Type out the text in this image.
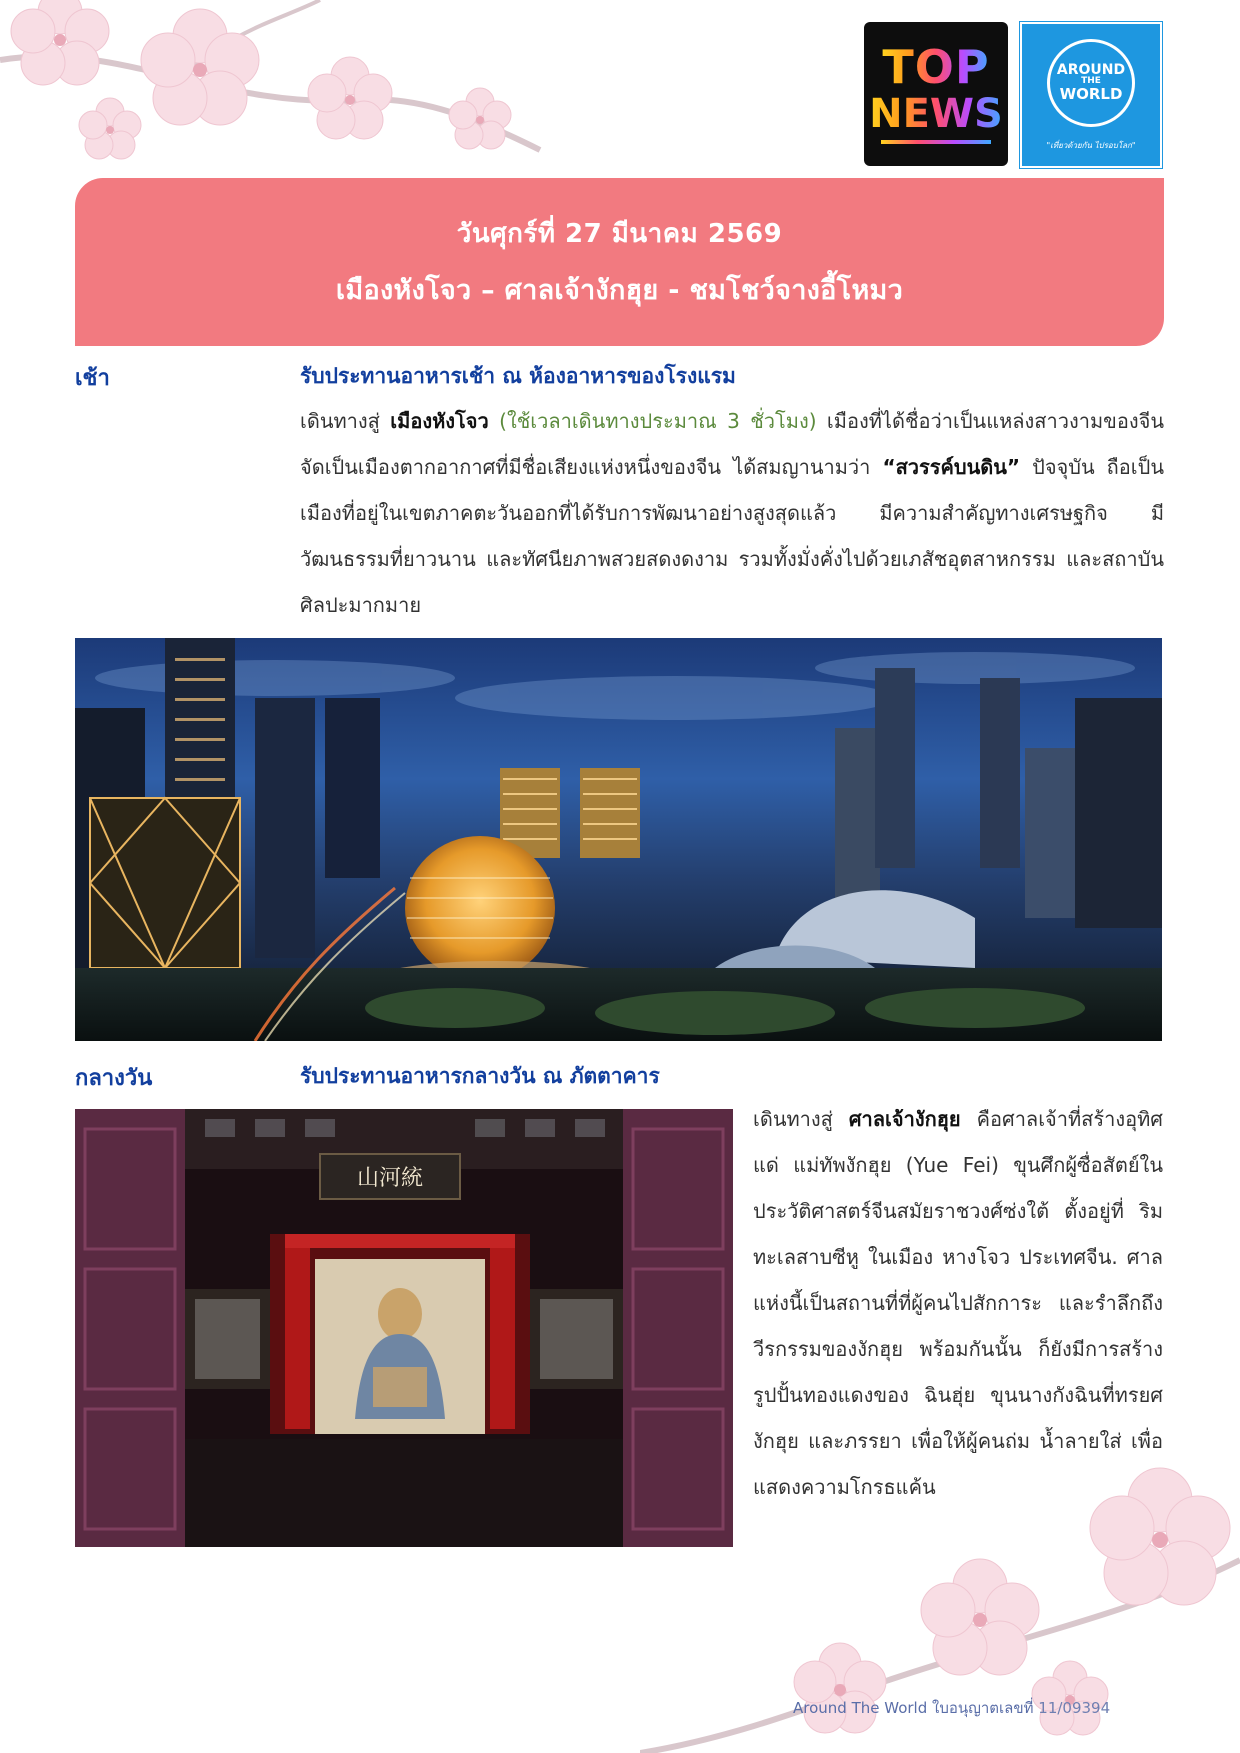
TOP
NEWS
AROUND
THE
WORLD
"เที่ยวด้วยกัน ไปรอบโลก"
วันศุกร์ที่ 27 มีนาคม 2569
เมืองหังโจว – ศาลเจ้างักฮุย - ชมโชว์จางอี้โหมว
เช้า	รับประทานอาหารเช้า ณ ห้องอาหารของโรงแรม
เดินทางสู่ เมืองหังโจว (ใช้เวลาเดินทางประมาณ 3 ชั่วโมง) เมืองที่ได้ชื่อว่าเป็นแหล่งสาวงามของจีน จัดเป็นเมืองตากอากาศที่มีชื่อเสียงแห่งหนึ่งของจีน ได้สมญานามว่า “สวรรค์บนดิน” ปัจจุบัน ถือเป็นเมืองที่อยู่ในเขตภาคตะวันออกที่ได้รับการพัฒนาอย่างสูงสุดแล้ว มีความสำคัญทางเศรษฐกิจ มีวัฒนธรรมที่ยาวนาน และทัศนียภาพสวยสดงดงาม รวมทั้งมั่งคั่งไปด้วยเภสัชอุตสาหกรรม และสถาบันศิลปะมากมาย
กลางวัน	รับประทานอาหารกลางวัน ณ ภัตตาคาร
山河統
เดินทางสู่ ศาลเจ้างักฮุย คือศาลเจ้าที่สร้างอุทิศแด่ แม่ทัพงักฮุย (Yue Fei) ขุนศึกผู้ซื่อสัตย์ในประวัติศาสตร์จีนสมัยราชวงศ์ซ่งใต้ ตั้งอยู่ที่ ริมทะเลสาบซีหู ในเมือง หางโจว ประเทศจีน. ศาลแห่งนี้เป็นสถานที่ที่ผู้คนไปสักการะ และรำลึกถึงวีรกรรมของงักฮุย พร้อมกันนั้น ก็ยังมีการสร้างรูปปั้นทองแดงของ ฉินฮุ่ย ขุนนางกังฉินที่ทรยศงักฮุย และภรรยา เพื่อให้ผู้คนถ่ม น้ำลายใส่ เพื่อแสดงความโกรธแค้น
Around The World ใบอนุญาตเลขที่ 11/09394
